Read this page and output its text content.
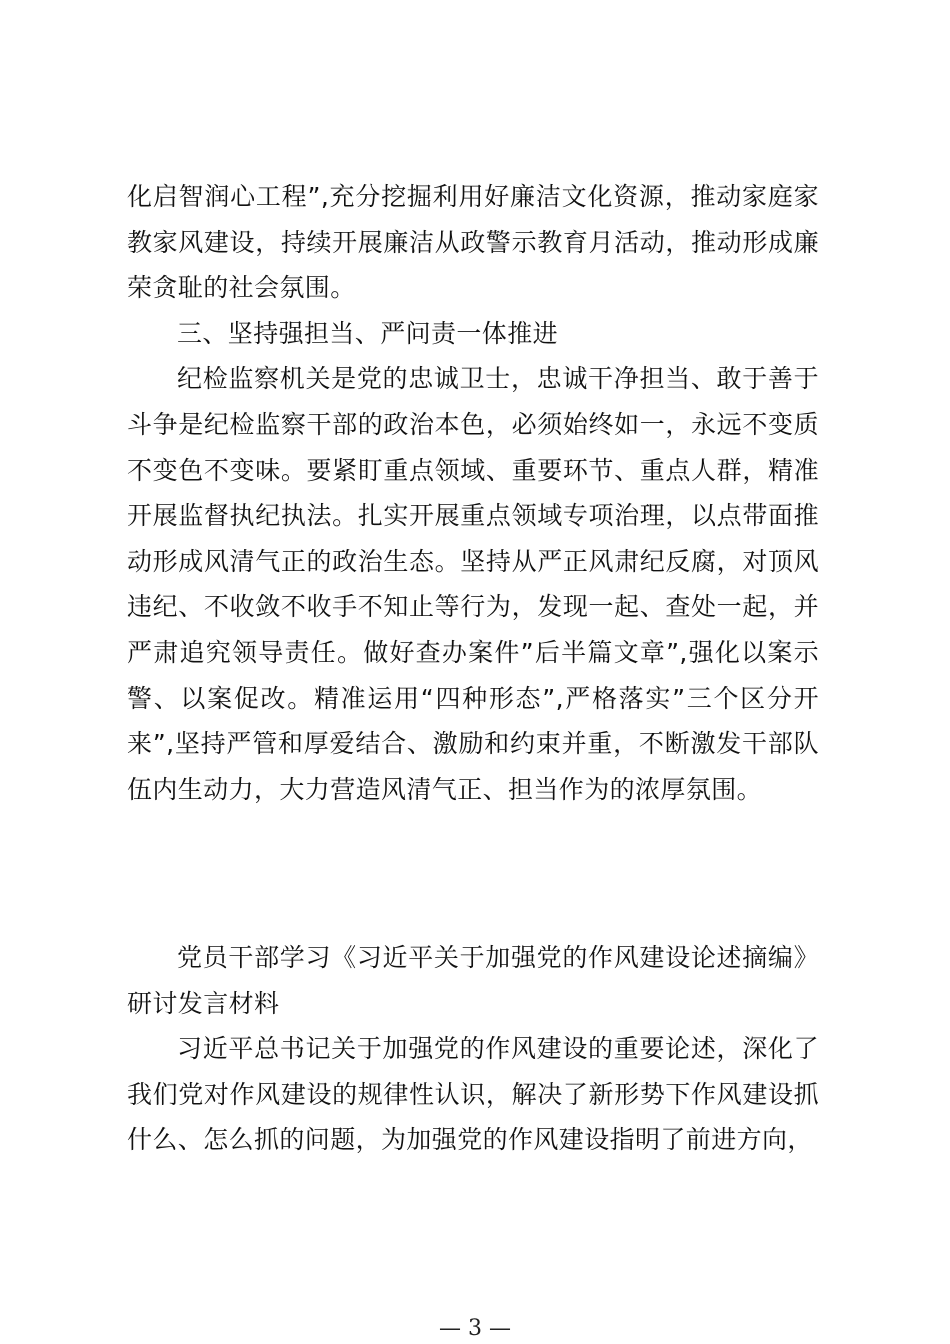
化启智润心工程”,充分挖掘利用好廉洁文化资源，推动家庭家教家风建设，持续开展廉洁从政警示教育月活动，推动形成廉荣贪耻的社会氛围。

三、坚持强担当、严问责一体推进

纪检监察机关是党的忠诚卫士，忠诚干净担当、敢于善于斗争是纪检监察干部的政治本色，必须始终如一，永远不变质不变色不变味。要紧盯重点领域、重要环节、重点人群，精准开展监督执纪执法。扎实开展重点领域专项治理，以点带面推动形成风清气正的政治生态。坚持从严正风肃纪反腐，对顶风违纪、不收敛不收手不知止等行为，发现一起、查处一起，并严肃追究领导责任。做好查办案件”后半篇文章”,强化以案示警、以案促改。精准运用“四种形态”,严格落实”三个区分开来”,坚持严管和厚爱结合、激励和约束并重，不断激发干部队伍内生动力，大力营造风清气正、担当作为的浓厚氛围。

党员干部学习《习近平关于加强党的作风建设论述摘编》研讨发言材料

习近平总书记关于加强党的作风建设的重要论述，深化了我们党对作风建设的规律性认识，解决了新形势下作风建设抓什么、怎么抓的问题，为加强党的作风建设指明了前进方向，

— 3 —
